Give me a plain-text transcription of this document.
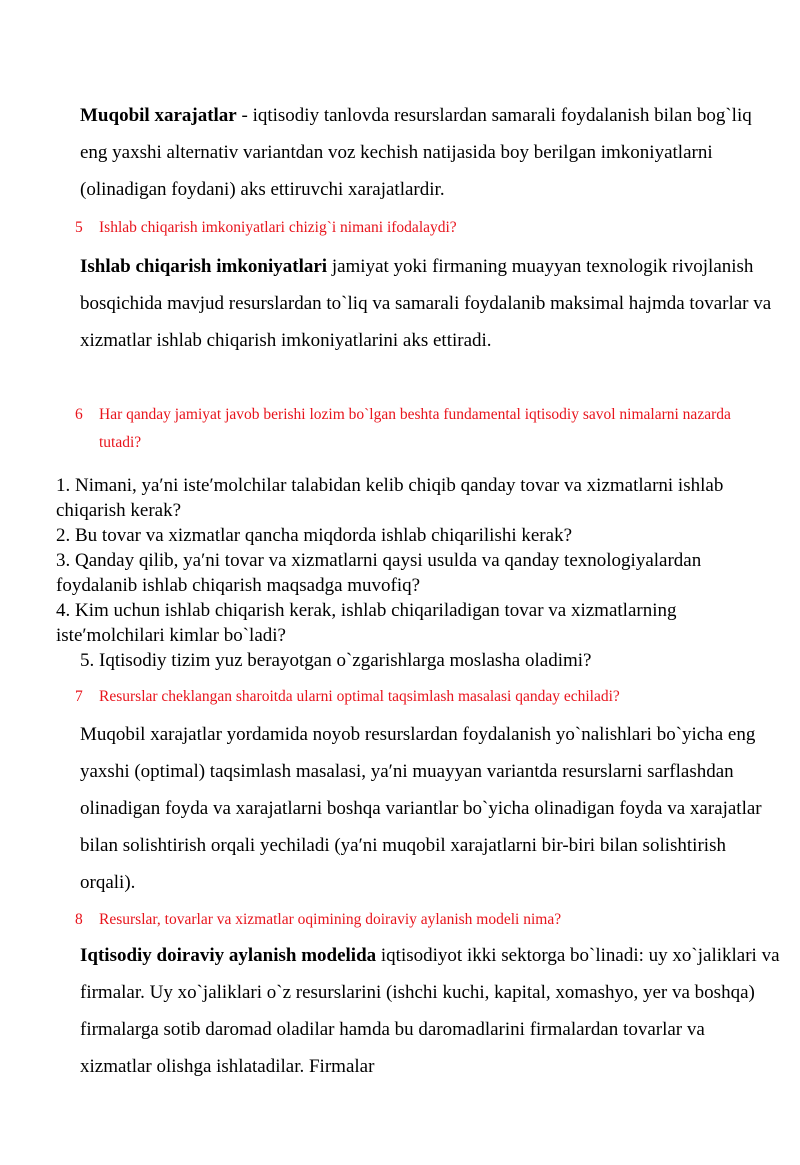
Muqobil xarajatlar - iqtisodiy tanlovda resurslardan samarali foydalanish bilan bog`liq eng yaxshi alternativ variantdan voz kechish natijasida boy berilgan imkoniyatlarni (olinadigan foydani) aks ettiruvchi xarajatlardir.

5	Ishlab chiqarish imkoniyatlari chizig`i nimani ifodalaydi?

Ishlab chiqarish imkoniyatlari jamiyat yoki firmaning muayyan texnologik rivojlanish bosqichida mavjud resurslardan to`liq va samarali foydalanib maksimal hajmda tovarlar va xizmatlar ishlab chiqarish imkoniyatlarini aks ettiradi.

6	Har qanday jamiyat javob berishi lozim bo`lgan beshta fundamental iqtisodiy savol nimalarni nazarda tutadi?
1. Nimani, ya′ni iste′molchilar talabidan kelib chiqib qanday tovar va xizmatlarni ishlab chiqarish kerak?
2. Bu tovar va xizmatlar qancha miqdorda ishlab chiqarilishi kerak?
3. Qanday qilib, ya′ni tovar va xizmatlarni qaysi usulda va qanday texnologiyalardan foydalanib ishlab chiqarish maqsadga muvofiq?
4. Kim uchun ishlab chiqarish kerak, ishlab chiqariladigan tovar va xizmatlarning iste′molchilari kimlar bo`ladi?
5. Iqtisodiy tizim yuz berayotgan o`zgarishlarga moslasha oladimi?
7	Resurslar cheklangan sharoitda ularni optimal taqsimlash masalasi qanday echiladi?

Muqobil xarajatlar yordamida noyob resurslardan foydalanish yo`nalishlari bo`yicha eng yaxshi (optimal) taqsimlash masalasi, ya′ni muayyan variantda resurslarni sarflashdan olinadigan foyda va xarajatlarni boshqa variantlar bo`yicha olinadigan foyda va xarajatlar bilan solishtirish orqali yechiladi (ya′ni muqobil xarajatlarni bir-biri bilan solishtirish orqali).

8	Resurslar, tovarlar va xizmatlar oqimining doiraviy aylanish modeli nima?

Iqtisodiy doiraviy aylanish modelida iqtisodiyot ikki sektorga bo`linadi: uy xo`jaliklari va firmalar. Uy xo`jaliklari o`z resurslarini (ishchi kuchi, kapital, xomashyo, yer va boshqa) firmalarga sotib daromad oladilar hamda bu daromadlarini firmalardan tovarlar va xizmatlar olishga ishlatadilar. Firmalar
